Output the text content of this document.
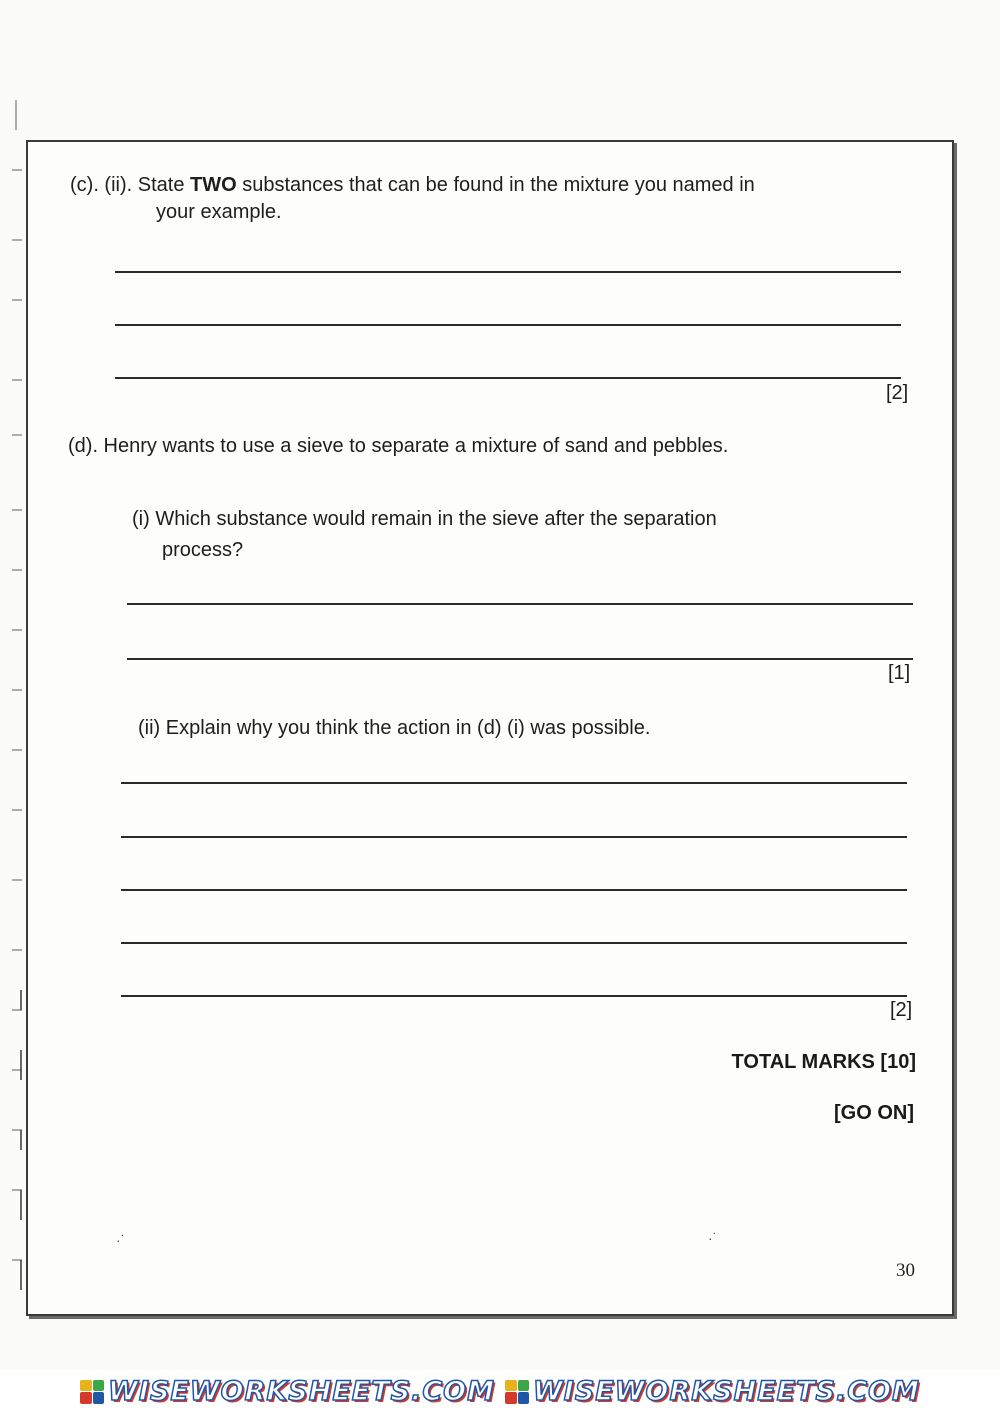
(c). (ii). State TWO substances that can be found in the mixture you named in
your example.
[2]
(d). Henry wants to use a sieve to separate a mixture of sand and pebbles.
(i) Which substance would remain in the sieve after the separation
process?
[1]
(ii) Explain why you think the action in (d) (i) was possible.
[2]
TOTAL MARKS [10]
[GO ON]
·˙	·˙
30
WISEWORKSHEETS.COM WISEWORKSHEETS.COM
